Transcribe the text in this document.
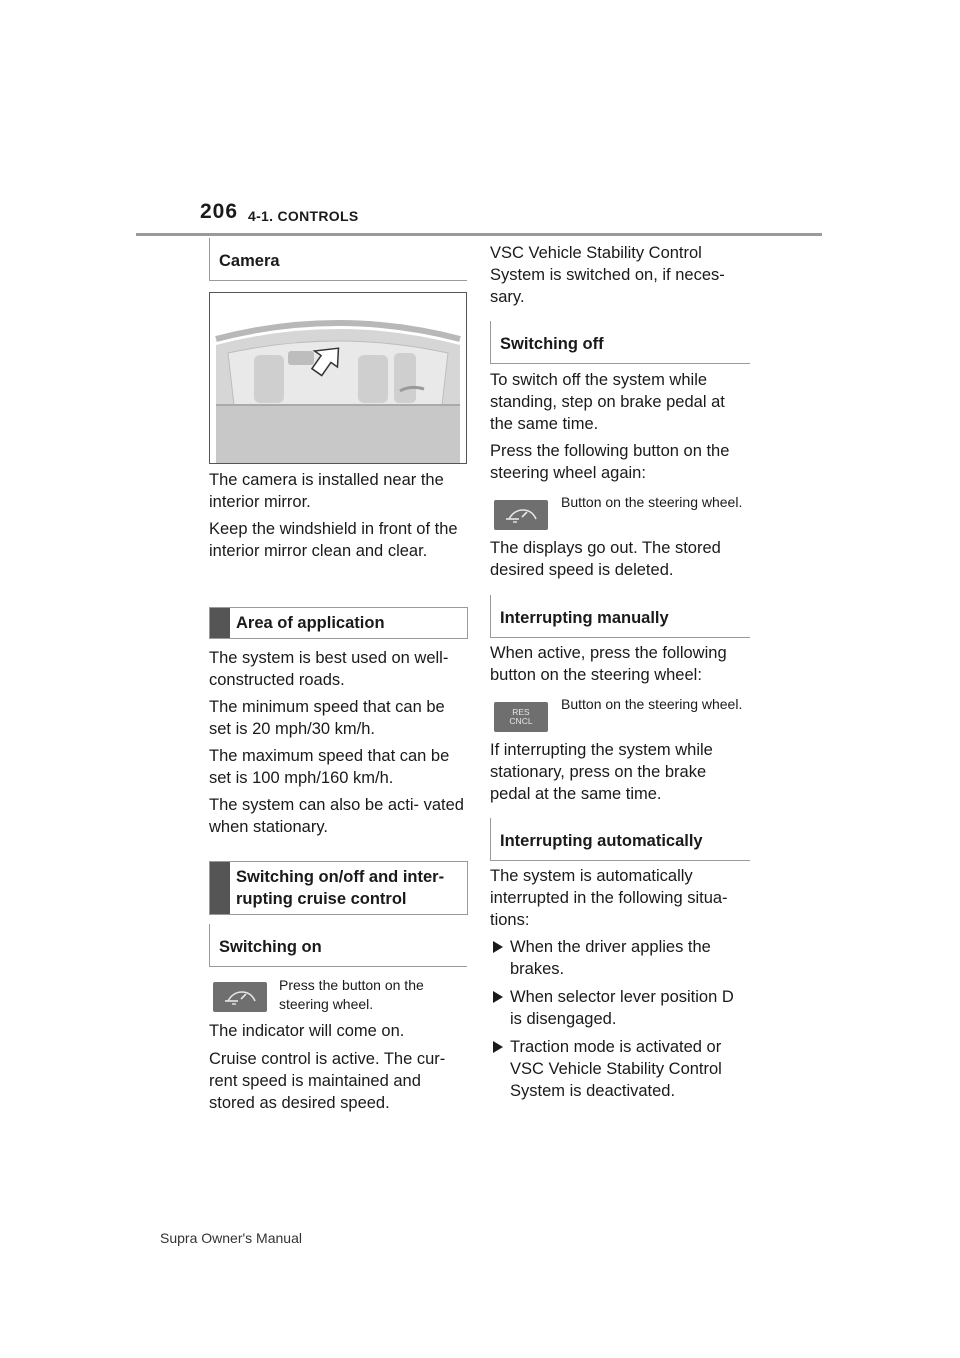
206 4-1. CONTROLS
Camera

The camera is installed near the interior mirror.

Keep the windshield in front of the interior mirror clean and clear.

Area of application

The system is best used on well-constructed roads.

The minimum speed that can be set is 20 mph/30 km/h.

The maximum speed that can be set is 100 mph/160 km/h.

The system can also be acti- vated when stationary.

Switching on/off and inter-
rupting cruise control
Switching on
Press the button on the steering wheel.

The indicator will come on.

Cruise control is active. The cur- rent speed is maintained and stored as desired speed.

VSC Vehicle Stability Control System is switched on, if neces- sary.

Switching off

To switch off the system while standing, step on brake pedal at the same time.

Press the following button on the steering wheel again:

Button on the steering wheel.

The displays go out. The stored desired speed is deleted.

Interrupting manually

When active, press the following button on the steering wheel:

RES
CNCL
Button on the steering wheel.

If interrupting the system while stationary, press on the brake pedal at the same time.

Interrupting automatically

The system is automatically interrupted in the following situa- tions:

When the driver applies the brakes.
When selector lever position D is disengaged.
Traction mode is activated or VSC Vehicle Stability Control System is deactivated.
Supra Owner's Manual
